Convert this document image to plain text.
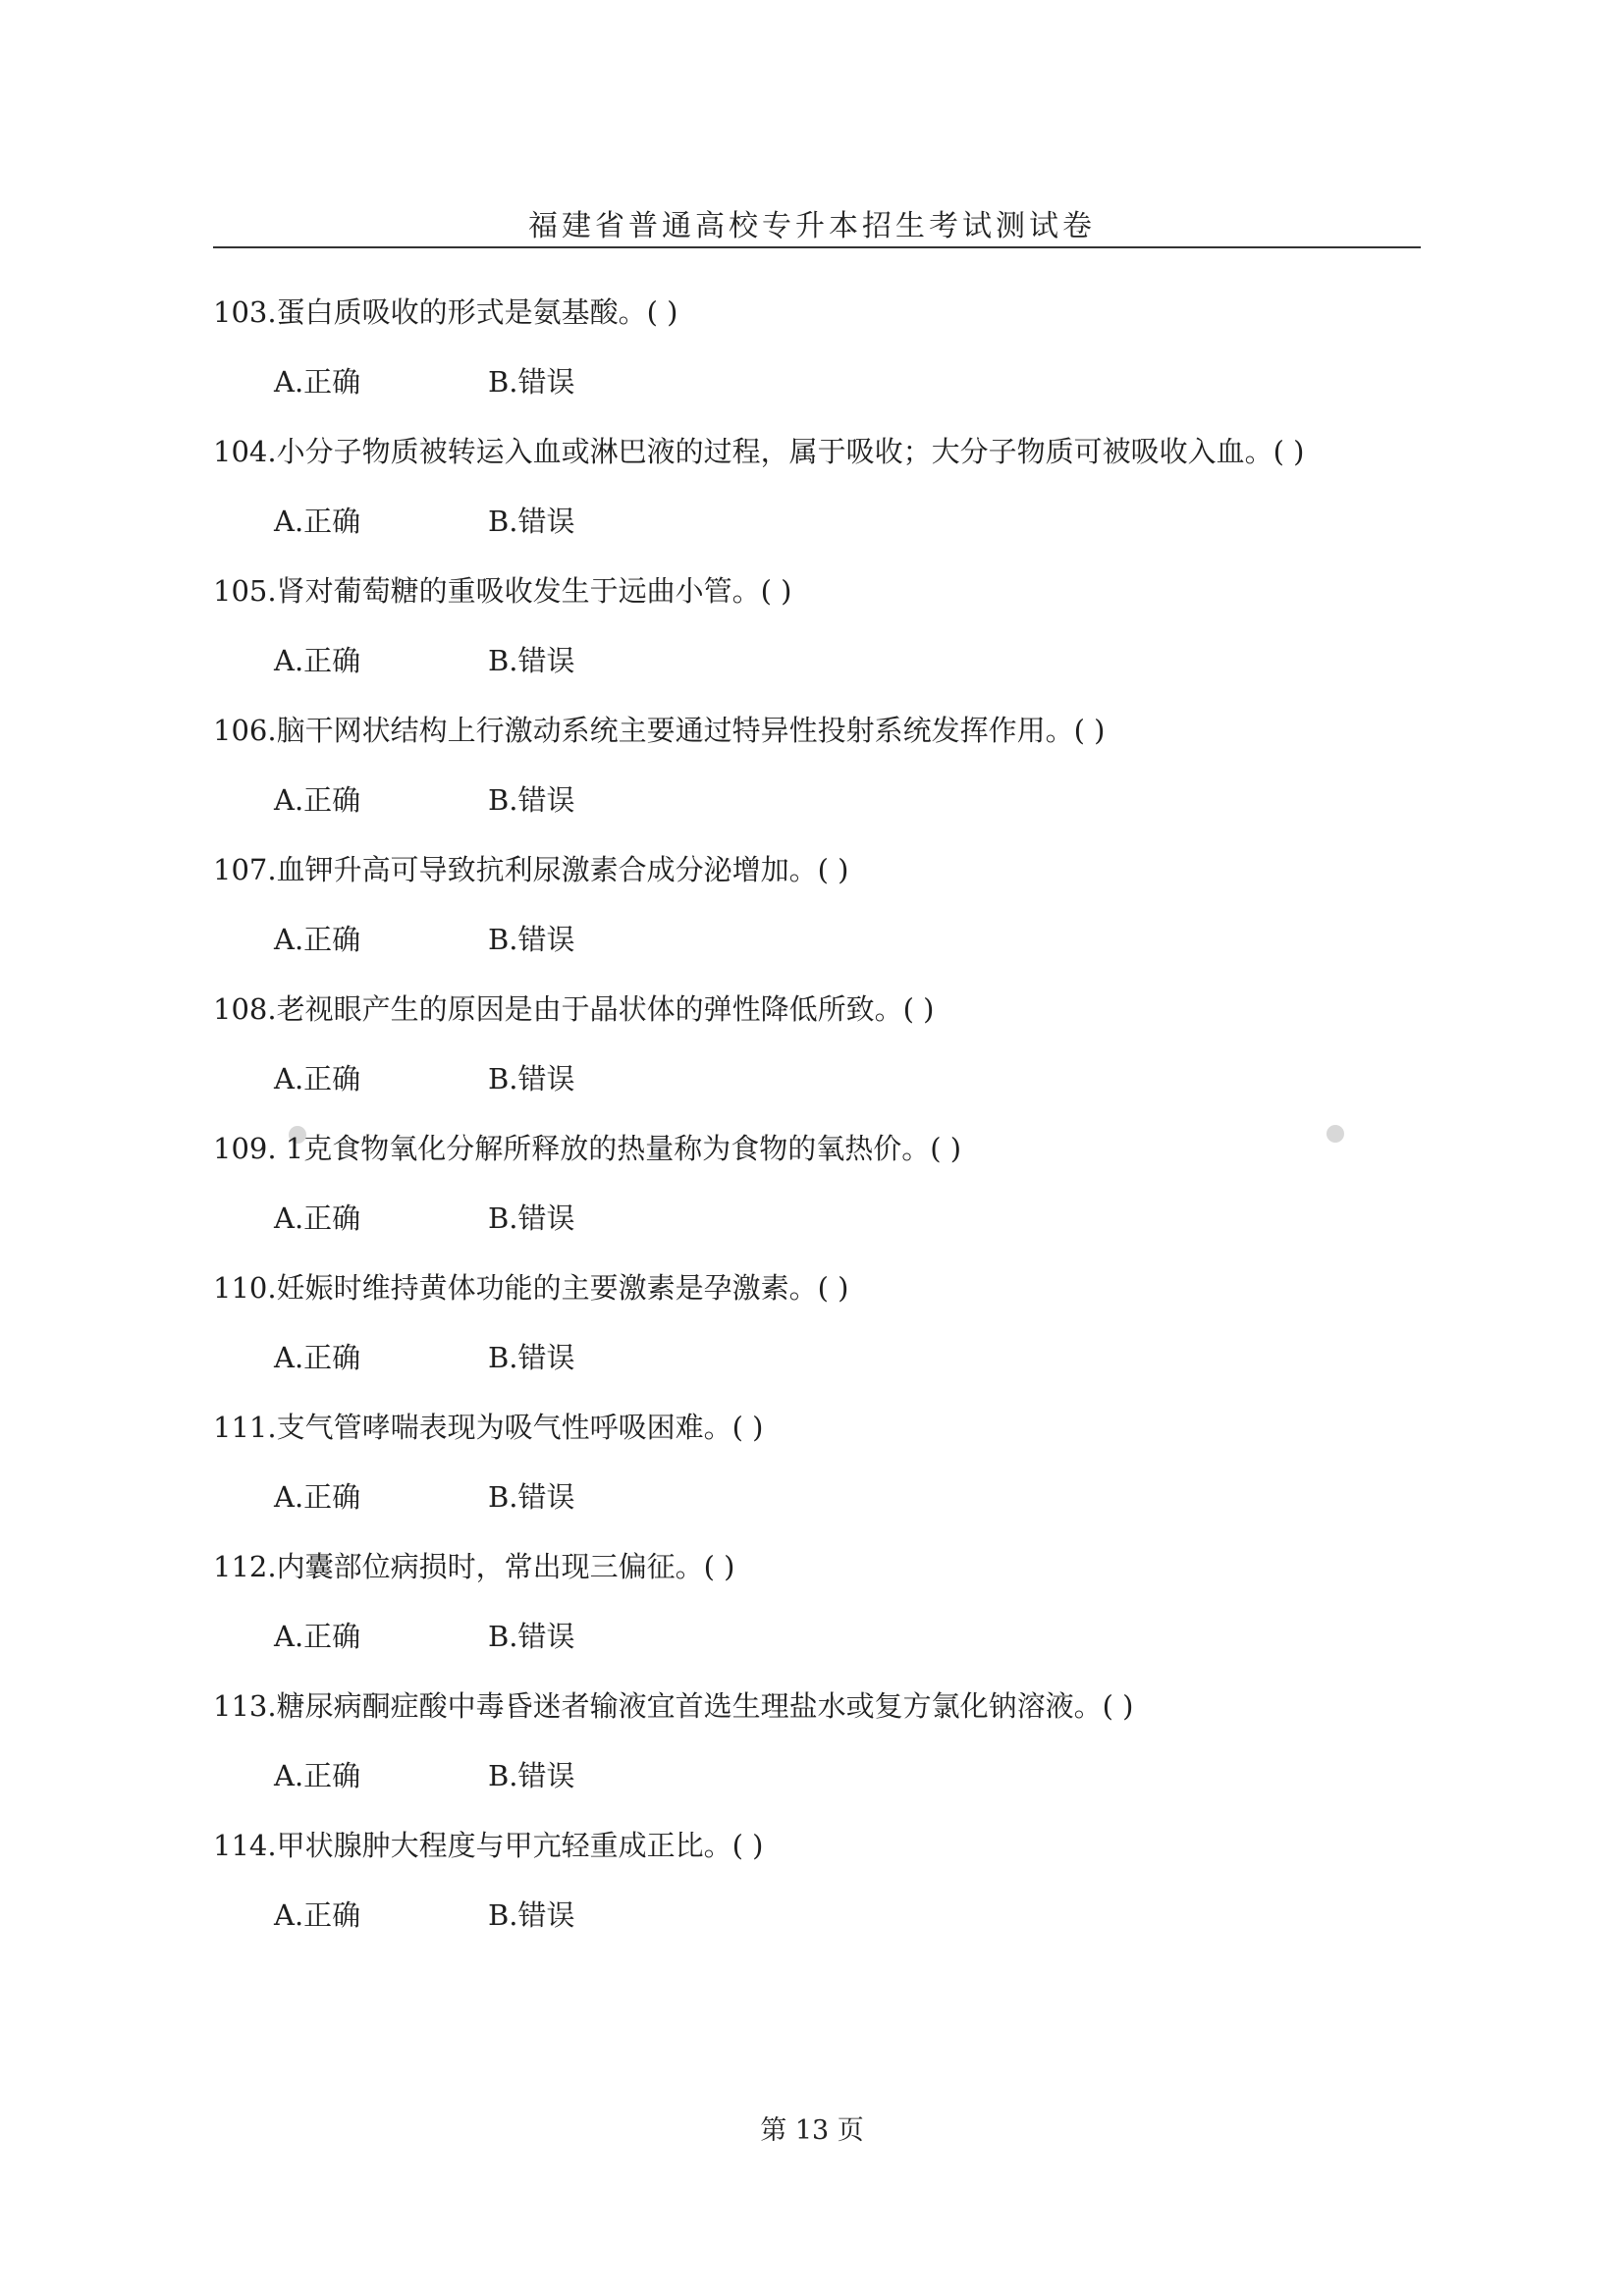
福建省普通高校专升本招生考试测试卷
103.蛋白质吸收的形式是氨基酸。( )
A.正确	B.错误
104.小分子物质被转运入血或淋巴液的过程，属于吸收；大分子物质可被吸收入血。( )
A.正确	B.错误
105.肾对葡萄糖的重吸收发生于远曲小管。( )
A.正确	B.错误
106.脑干网状结构上行激动系统主要通过特异性投射系统发挥作用。( )
A.正确	B.错误
107.血钾升高可导致抗利尿激素合成分泌增加。( )
A.正确	B.错误
108.老视眼产生的原因是由于晶状体的弹性降低所致。( )
A.正确	B.错误
109. 1克食物氧化分解所释放的热量称为食物的氧热价。( )
A.正确	B.错误
110.妊娠时维持黄体功能的主要激素是孕激素。( )
A.正确	B.错误
111.支气管哮喘表现为吸气性呼吸困难。( )
A.正确	B.错误
112.内囊部位病损时，常出现三偏征。( )
A.正确	B.错误
113.糖尿病酮症酸中毒昏迷者输液宜首选生理盐水或复方氯化钠溶液。( )
A.正确	B.错误
114.甲状腺肿大程度与甲亢轻重成正比。( )
A.正确	B.错误
第 13 页
